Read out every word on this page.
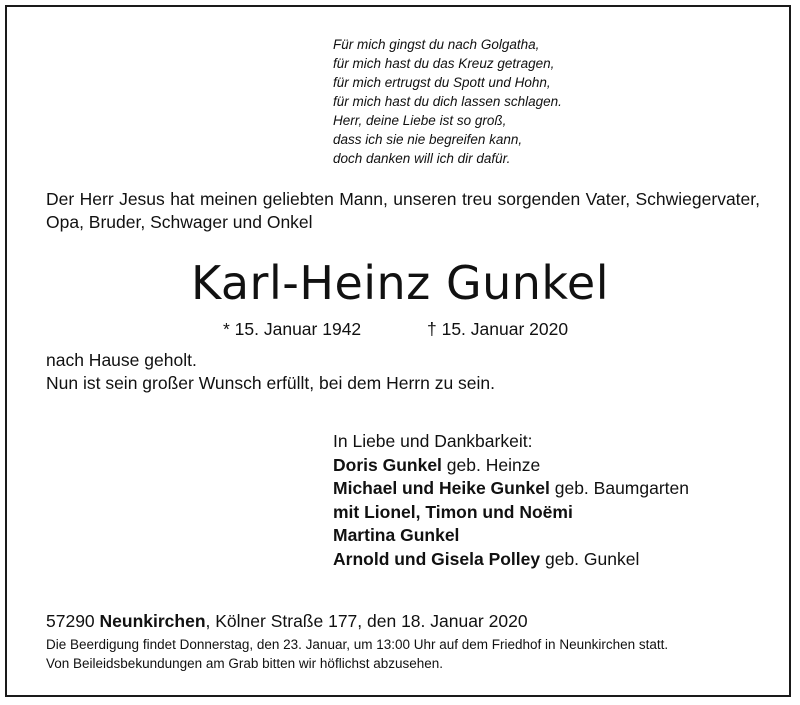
Für mich gingst du nach Golgatha,
für mich hast du das Kreuz getragen,
für mich ertrugst du Spott und Hohn,
für mich hast du dich lassen schlagen.
Herr, deine Liebe ist so groß,
dass ich sie nie begreifen kann,
doch danken will ich dir dafür.
Der Herr Jesus hat meinen geliebten Mann, unseren treu sorgenden Vater, Schwiegervater, Opa, Bruder, Schwager und Onkel
Karl-Heinz Gunkel
* 15. Januar 1942	† 15. Januar 2020
nach Hause geholt.
Nun ist sein großer Wunsch erfüllt, bei dem Herrn zu sein.
In Liebe und Dankbarkeit:
Doris Gunkel geb. Heinze
Michael und Heike Gunkel geb. Baumgarten
mit Lionel, Timon und Noëmi
Martina Gunkel
Arnold und Gisela Polley geb. Gunkel
57290 Neunkirchen, Kölner Straße 177, den 18. Januar 2020
Die Beerdigung findet Donnerstag, den 23. Januar, um 13:00 Uhr auf dem Friedhof in Neunkirchen statt.
Von Beileidsbekundungen am Grab bitten wir höflichst abzusehen.
